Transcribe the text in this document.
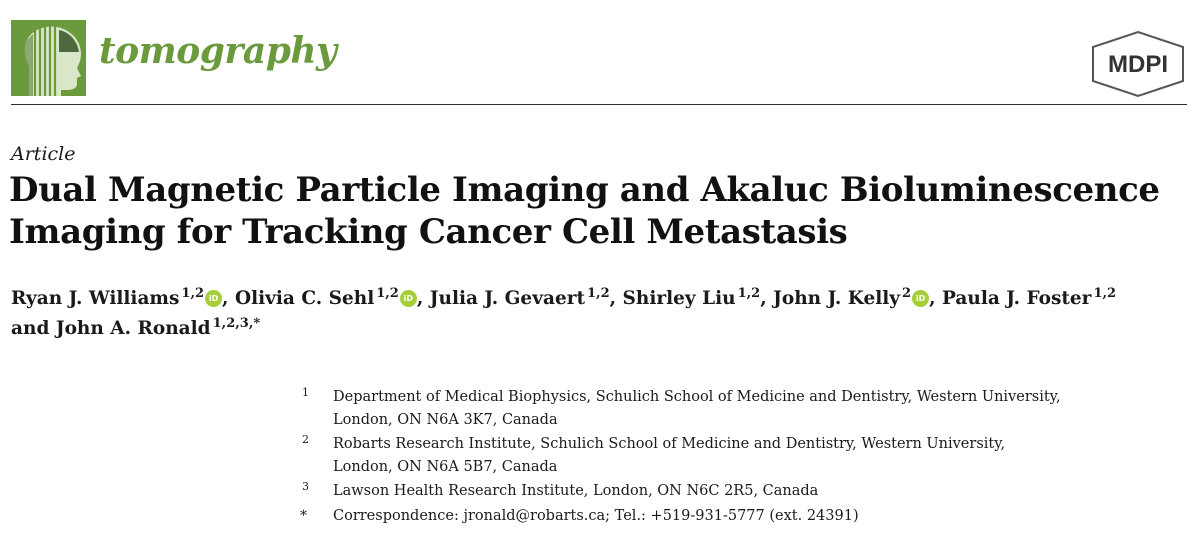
tomography	MDPI
Article
Dual Magnetic Particle Imaging and Akaluc Bioluminescence
Imaging for Tracking Cancer Cell Metastasis
Ryan J. Williams $^{1,2}$ iD , Olivia C. Sehl $^{1,2}$ iD , Julia J. Gevaert $^{1,2}$, Shirley Liu $^{1,2}$, John J. Kelly $^2$ iD , Paula J. Foster $^{1,2}$
and John A. Ronald $^{1,2,3,*}$
1 Department of Medical Biophysics, Schulich School of Medicine and Dentistry, Western University,
London, ON N6A 3K7, Canada
2 Robarts Research Institute, Schulich School of Medicine and Dentistry, Western University,
London, ON N6A 5B7, Canada
3 Lawson Health Research Institute, London, ON N6C 2R5, Canada
* Correspondence: jronald@robarts.ca; Tel.: +519-931-5777 (ext. 24391)
